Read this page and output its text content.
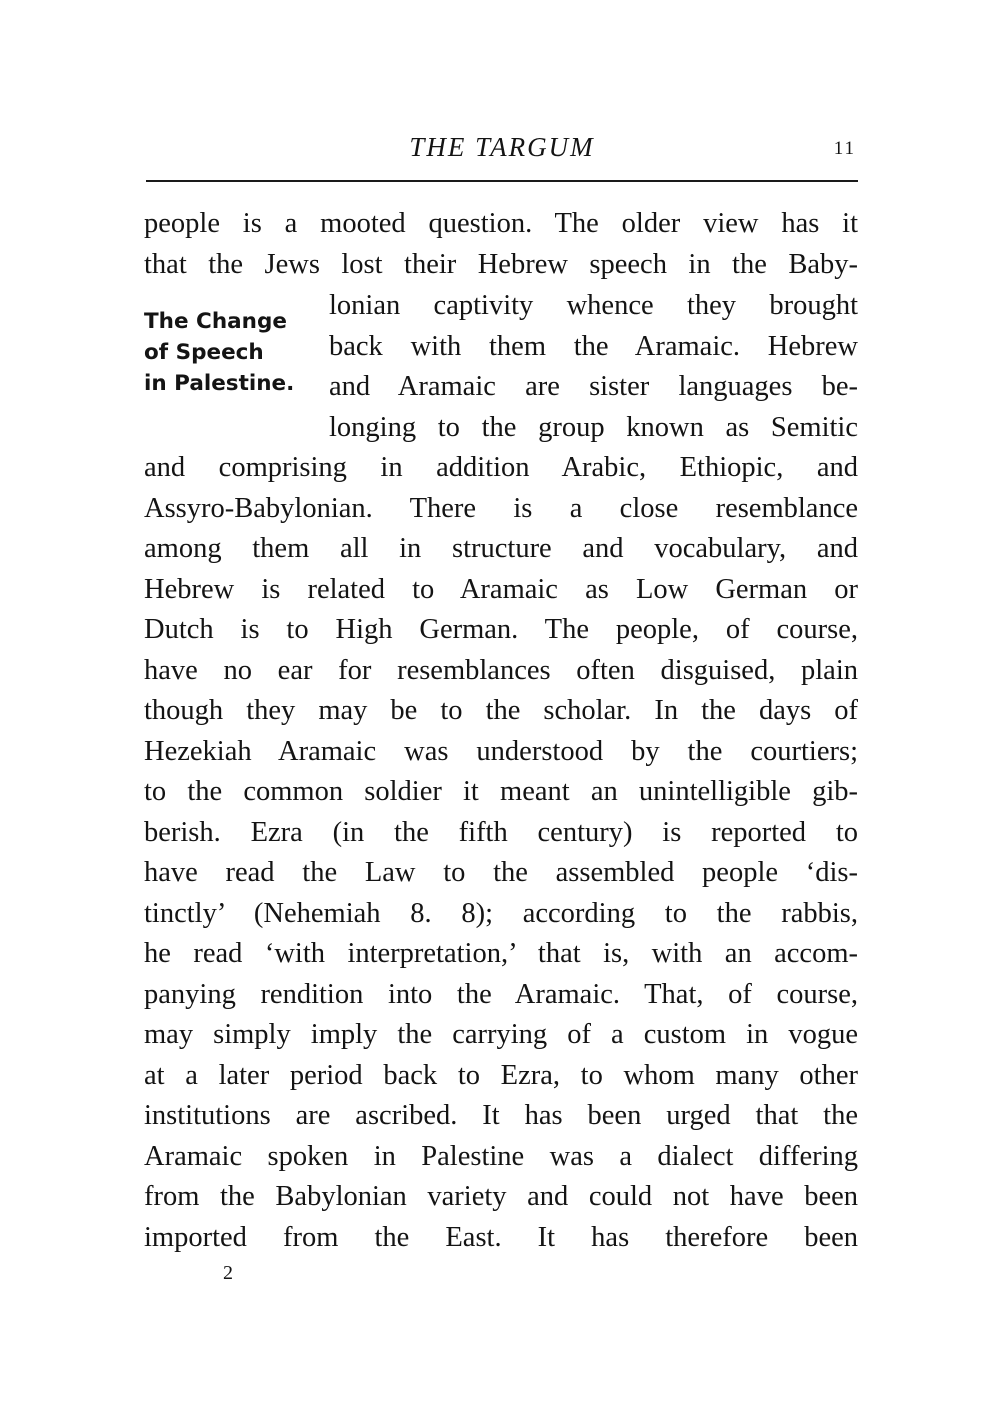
THE TARGUM	11
The Change
of Speech
in Palestine.
people is a mooted question. The older view has it
that the Jews lost their Hebrew speech in the Baby-
lonian captivity whence they brought
back with them the Aramaic. Hebrew
and Aramaic are sister languages be-
longing to the group known as Semitic
and comprising in addition Arabic, Ethiopic, and
Assyro-Babylonian. There is a close resemblance
among them all in structure and vocabulary, and
Hebrew is related to Aramaic as Low German or
Dutch is to High German. The people, of course,
have no ear for resemblances often disguised, plain
though they may be to the scholar. In the days of
Hezekiah Aramaic was understood by the courtiers;
to the common soldier it meant an unintelligible gib-
berish. Ezra (in the fifth century) is reported to
have read the Law to the assembled people ‘dis-
tinctly’ (Nehemiah 8. 8); according to the rabbis,
he read ‘with interpretation,’ that is, with an accom-
panying rendition into the Aramaic. That, of course,
may simply imply the carrying of a custom in vogue
at a later period back to Ezra, to whom many other
institutions are ascribed. It has been urged that the
Aramaic spoken in Palestine was a dialect differing
from the Babylonian variety and could not have been
imported from the East. It has therefore been
2
